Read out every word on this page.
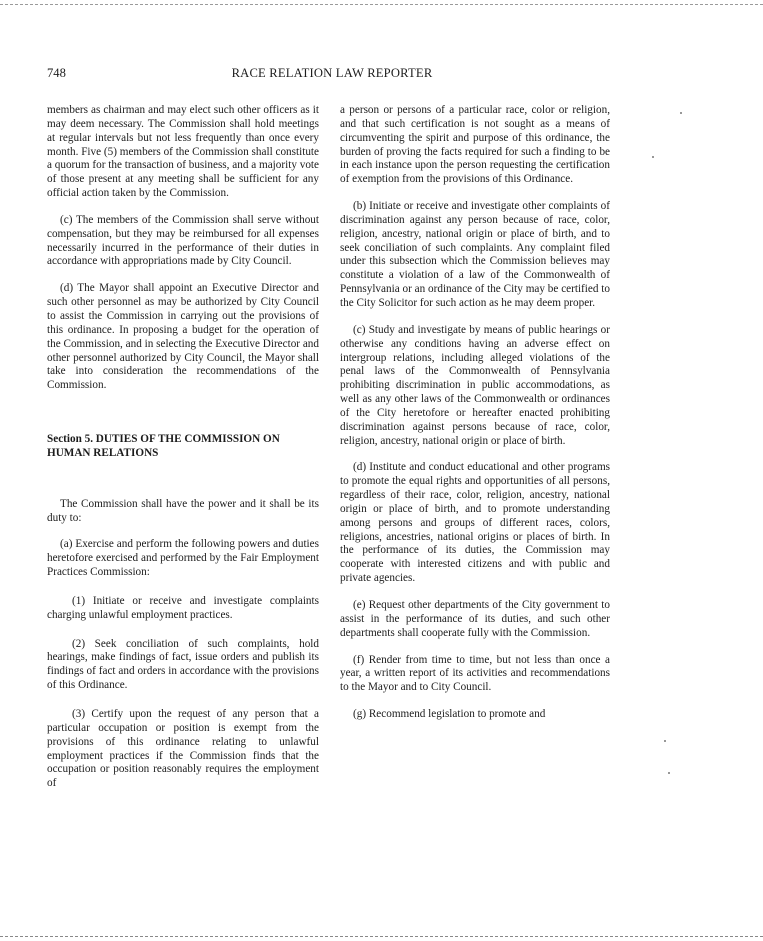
748	RACE RELATION LAW REPORTER

members as chairman and may elect such other officers as it may deem necessary. The Commission shall hold meetings at regular intervals but not less frequently than once every month. Five (5) members of the Commission shall constitute a quorum for the transaction of business, and a majority vote of those present at any meeting shall be sufficient for any official action taken by the Commission.

(c) The members of the Commission shall serve without compensation, but they may be reimbursed for all expenses necessarily incurred in the performance of their duties in accordance with appropriations made by City Council.

(d) The Mayor shall appoint an Executive Director and such other personnel as may be authorized by City Council to assist the Commission in carrying out the provisions of this ordinance. In proposing a budget for the operation of the Commission, and in selecting the Executive Director and other personnel authorized by City Council, the Mayor shall take into consideration the recommendations of the Commission.

Section 5. DUTIES OF THE COMMISSION ON HUMAN RELATIONS

The Commission shall have the power and it shall be its duty to:

(a) Exercise and perform the following powers and duties heretofore exercised and performed by the Fair Employment Practices Commission:

(1) Initiate or receive and investigate complaints charging unlawful employment practices.

(2) Seek conciliation of such complaints, hold hearings, make findings of fact, issue orders and publish its findings of fact and orders in accordance with the provisions of this Ordinance.

(3) Certify upon the request of any person that a particular occupation or position is exempt from the provisions of this ordinance relating to unlawful employment practices if the Commission finds that the occupation or position reasonably requires the employment of

a person or persons of a particular race, color or religion, and that such certification is not sought as a means of circumventing the spirit and purpose of this ordinance, the burden of proving the facts required for such a finding to be in each instance upon the person requesting the certification of exemption from the provisions of this Ordinance.

(b) Initiate or receive and investigate other complaints of discrimination against any person because of race, color, religion, ancestry, national origin or place of birth, and to seek conciliation of such complaints. Any complaint filed under this subsection which the Commission believes may constitute a violation of a law of the Commonwealth of Pennsylvania or an ordinance of the City may be certified to the City Solicitor for such action as he may deem proper.

(c) Study and investigate by means of public hearings or otherwise any conditions having an adverse effect on intergroup relations, including alleged violations of the penal laws of the Commonwealth of Pennsylvania prohibiting discrimination in public accommodations, as well as any other laws of the Commonwealth or ordinances of the City heretofore or hereafter enacted prohibiting discrimination against persons because of race, color, religion, ancestry, national origin or place of birth.

(d) Institute and conduct educational and other programs to promote the equal rights and opportunities of all persons, regardless of their race, color, religion, ancestry, national origin or place of birth, and to promote understanding among persons and groups of different races, colors, religions, ancestries, national origins or places of birth. In the performance of its duties, the Commission may cooperate with interested citizens and with public and private agencies.

(e) Request other departments of the City government to assist in the performance of its duties, and such other departments shall cooperate fully with the Commission.

(f) Render from time to time, but not less than once a year, a written report of its activities and recommendations to the Mayor and to City Council.

(g) Recommend legislation to promote and
